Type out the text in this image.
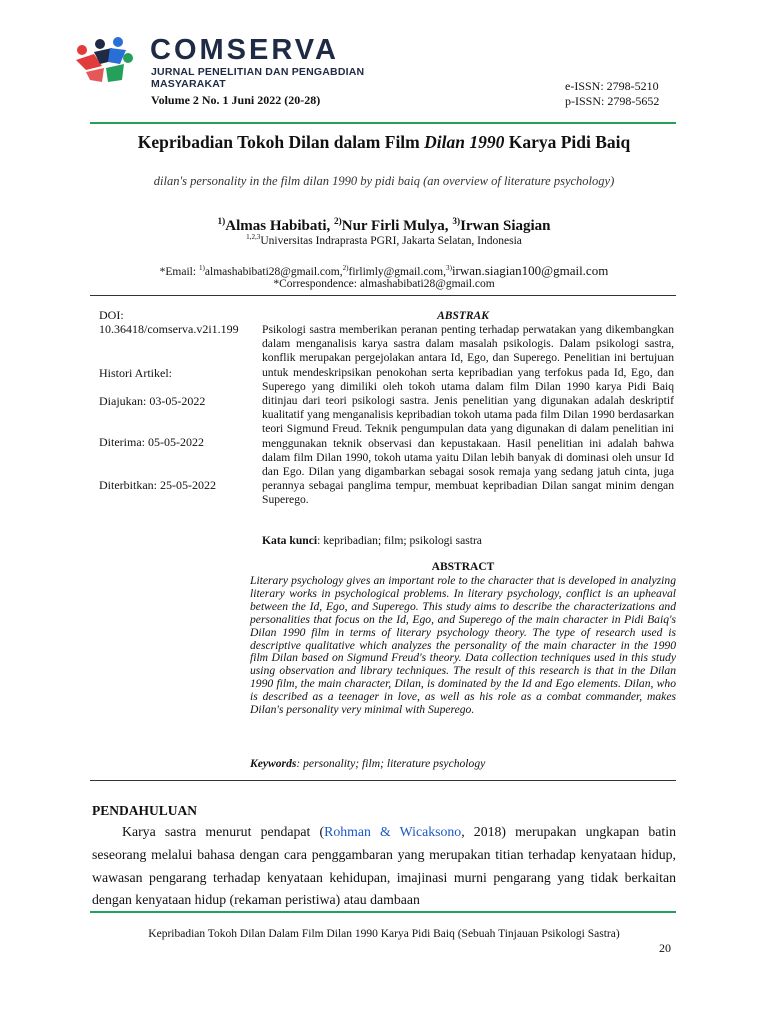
COMSERVA
JURNAL PENELITIAN DAN PENGABDIAN
MASYARAKAT
Volume 2 No. 1 Juni 2022 (20-28)
e-ISSN: 2798-5210
p-ISSN: 2798-5652
Kepribadian Tokoh Dilan dalam Film Dilan 1990 Karya Pidi Baiq
dilan's personality in the film dilan 1990 by pidi baiq (an overview of literature psychology)
$^{1)}$Almas Habibati, $^{2)}$Nur Firli Mulya, $^{3)}$Irwan Siagian
$^{1,2,3}$Universitas Indraprasta PGRI, Jakarta Selatan, Indonesia
*Email: $^{1)}$almashabibati28@gmail.com,$^{2)}$firlimly@gmail.com,$^{3)}$irwan.siagian100@gmail.com
*Correspondence: almashabibati28@gmail.com
DOI:
10.36418/comserva.v2i1.199
Histori Artikel:
Diajukan: 03-05-2022
Diterima: 05-05-2022
Diterbitkan: 25-05-2022
ABSTRAK
Psikologi sastra memberikan peranan penting terhadap perwatakan yang dikembangkan dalam menganalisis karya sastra dalam masalah psikologis. Dalam psikologi sastra, konflik merupakan pergejolakan antara Id, Ego, dan Superego. Penelitian ini bertujuan untuk mendeskripsikan penokohan serta kepribadian yang terfokus pada Id, Ego, dan Superego yang dimiliki oleh tokoh utama dalam film Dilan 1990 karya Pidi Baiq ditinjau dari teori psikologi sastra. Jenis penelitian yang digunakan adalah deskriptif kualitatif yang menganalisis kepribadian tokoh utama pada film Dilan 1990 berdasarkan teori Sigmund Freud. Teknik pengumpulan data yang digunakan di dalam penelitian ini menggunakan teknik observasi dan kepustakaan. Hasil penelitian ini adalah bahwa dalam film Dilan 1990, tokoh utama yaitu Dilan lebih banyak di dominasi oleh unsur Id dan Ego. Dilan yang digambarkan sebagai sosok remaja yang sedang jatuh cinta, juga perannya sebagai panglima tempur, membuat kepribadian Dilan sangat minim dengan Superego.
Kata kunci: kepribadian; film; psikologi sastra
ABSTRACT
Literary psychology gives an important role to the character that is developed in analyzing literary works in psychological problems. In literary psychology, conflict is an upheaval between the Id, Ego, and Superego. This study aims to describe the characterizations and personalities that focus on the Id, Ego, and Superego of the main character in Pidi Baiq's Dilan 1990 film in terms of literary psychology theory. The type of research used is descriptive qualitative which analyzes the personality of the main character in the 1990 film Dilan based on Sigmund Freud's theory. Data collection techniques used in this study using observation and library techniques. The result of this research is that in the Dilan 1990 film, the main character, Dilan, is dominated by the Id and Ego elements. Dilan, who is described as a teenager in love, as well as his role as a combat commander, makes Dilan's personality very minimal with Superego.
Keywords: personality; film; literature psychology
PENDAHULUAN
Karya sastra menurut pendapat (Rohman & Wicaksono, 2018) merupakan ungkapan batin seseorang melalui bahasa dengan cara penggambaran yang merupakan titian terhadap kenyataan hidup, wawasan pengarang terhadap kenyataan kehidupan, imajinasi murni pengarang yang tidak berkaitan dengan kenyataan hidup (rekaman peristiwa) atau dambaan
Kepribadian Tokoh Dilan Dalam Film Dilan 1990 Karya Pidi Baiq (Sebuah Tinjauan Psikologi Sastra)
20
